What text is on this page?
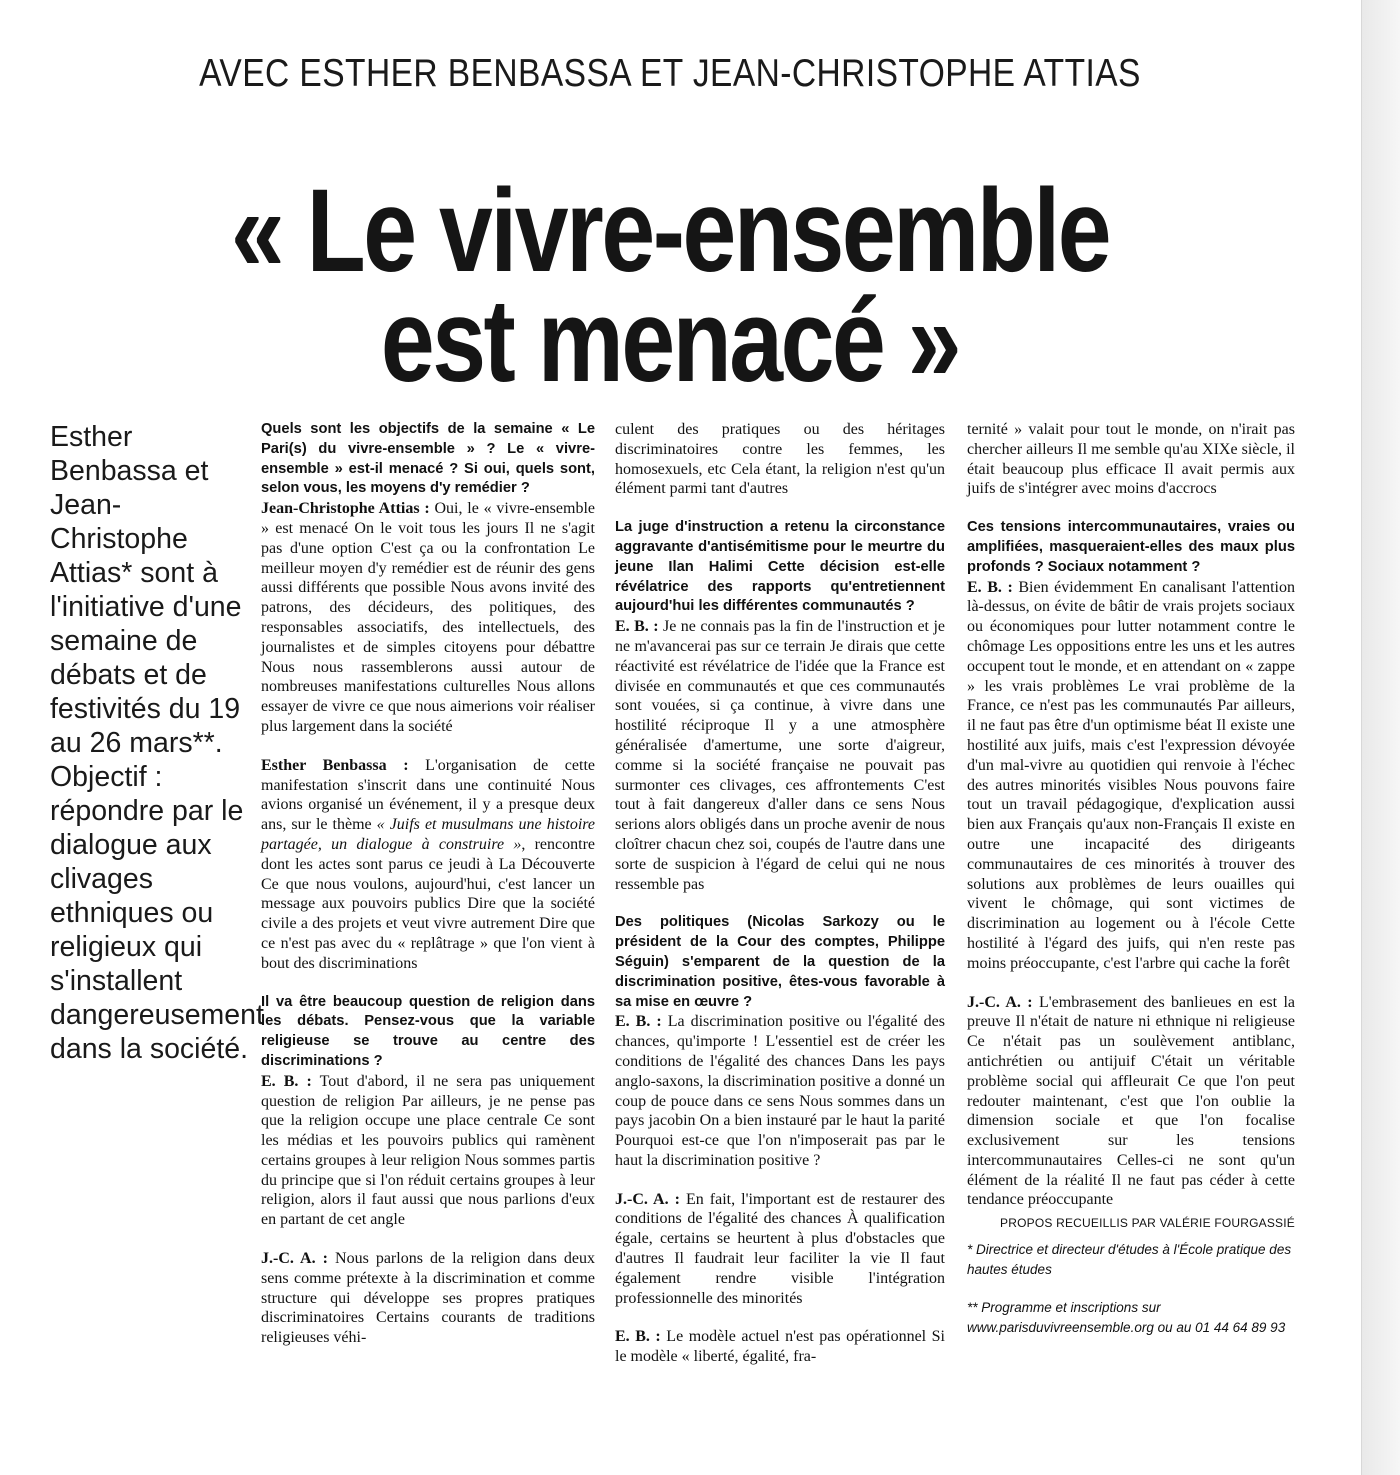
AVEC ESTHER BENBASSA ET JEAN-CHRISTOPHE ATTIAS
« Le vivre-ensemble
est menacé »
Esther Benbassa et Jean-Christophe Attias* sont à l'initiative d'une semaine de débats et de festivités du 19 au 26 mars**. Objectif : répondre par le dialogue aux clivages ethniques ou religieux qui s'installent dangereusement dans la société.

Quels sont les objectifs de la semaine « Le Pari(s) du vivre-ensemble » ? Le « vivre-ensemble » est-il menacé ? Si oui, quels sont, selon vous, les moyens d'y remédier ?
Jean-Christophe Attias : Oui, le « vivre-ensemble » est menacé On le voit tous les jours Il ne s'agit pas d'une option C'est ça ou la confrontation Le meilleur moyen d'y remédier est de réunir des gens aussi différents que possible Nous avons invité des patrons, des décideurs, des politiques, des responsables associatifs, des intellectuels, des journalistes et de simples citoyens pour débattre Nous nous rassemblerons aussi autour de nombreuses manifestations culturelles Nous allons essayer de vivre ce que nous aimerions voir réaliser plus largement dans la société

Esther Benbassa : L'organisation de cette manifestation s'inscrit dans une continuité Nous avions organisé un événement, il y a presque deux ans, sur le thème « Juifs et musulmans une histoire partagée, un dialogue à construire », rencontre dont les actes sont parus ce jeudi à La Découverte Ce que nous voulons, aujourd'hui, c'est lancer un message aux pouvoirs publics Dire que la société civile a des projets et veut vivre autrement Dire que ce n'est pas avec du « replâtrage » que l'on vient à bout des discriminations

Il va être beaucoup question de religion dans les débats. Pensez-vous que la variable religieuse se trouve au centre des discriminations ?
E. B. : Tout d'abord, il ne sera pas uniquement question de religion Par ailleurs, je ne pense pas que la religion occupe une place centrale Ce sont les médias et les pouvoirs publics qui ramènent certains groupes à leur religion Nous sommes partis du principe que si l'on réduit certains groupes à leur religion, alors il faut aussi que nous parlions d'eux en partant de cet angle

J.-C. A. : Nous parlons de la religion dans deux sens comme prétexte à la discrimination et comme structure qui développe ses propres pratiques discriminatoires Certains courants de traditions religieuses véhi-

culent des pratiques ou des héritages discriminatoires contre les femmes, les homosexuels, etc Cela étant, la religion n'est qu'un élément parmi tant d'autres

La juge d'instruction a retenu la circonstance aggravante d'antisémitisme pour le meurtre du jeune Ilan Halimi Cette décision est-elle révélatrice des rapports qu'entretiennent aujourd'hui les différentes communautés ?
E. B. : Je ne connais pas la fin de l'instruction et je ne m'avancerai pas sur ce terrain Je dirais que cette réactivité est révélatrice de l'idée que la France est divisée en communautés et que ces communautés sont vouées, si ça continue, à vivre dans une hostilité réciproque Il y a une atmosphère généralisée d'amertume, une sorte d'aigreur, comme si la société française ne pouvait pas surmonter ces clivages, ces affrontements C'est tout à fait dangereux d'aller dans ce sens Nous serions alors obligés dans un proche avenir de nous cloîtrer chacun chez soi, coupés de l'autre dans une sorte de suspicion à l'égard de celui qui ne nous ressemble pas

Des politiques (Nicolas Sarkozy ou le président de la Cour des comptes, Philippe Séguin) s'emparent de la question de la discrimination positive, êtes-vous favorable à sa mise en œuvre ?
E. B. : La discrimination positive ou l'égalité des chances, qu'importe ! L'essentiel est de créer les conditions de l'égalité des chances Dans les pays anglo-saxons, la discrimination positive a donné un coup de pouce dans ce sens Nous sommes dans un pays jacobin On a bien instauré par le haut la parité Pourquoi est-ce que l'on n'imposerait pas par le haut la discrimination positive ?

J.-C. A. : En fait, l'important est de restaurer des conditions de l'égalité des chances À qualification égale, certains se heurtent à plus d'obstacles que d'autres Il faudrait leur faciliter la vie Il faut également rendre visible l'intégration professionnelle des minorités

E. B. : Le modèle actuel n'est pas opérationnel Si le modèle « liberté, égalité, fra-

ternité » valait pour tout le monde, on n'irait pas chercher ailleurs Il me semble qu'au XIXe siècle, il était beaucoup plus efficace Il avait permis aux juifs de s'intégrer avec moins d'accrocs

Ces tensions intercommunautaires, vraies ou amplifiées, masqueraient-elles des maux plus profonds ? Sociaux notamment ?
E. B. : Bien évidemment En canalisant l'attention là-dessus, on évite de bâtir de vrais projets sociaux ou économiques pour lutter notamment contre le chômage Les oppositions entre les uns et les autres occupent tout le monde, et en attendant on « zappe » les vrais problèmes Le vrai problème de la France, ce n'est pas les communautés Par ailleurs, il ne faut pas être d'un optimisme béat Il existe une hostilité aux juifs, mais c'est l'expression dévoyée d'un mal-vivre au quotidien qui renvoie à l'échec des autres minorités visibles Nous pouvons faire tout un travail pédagogique, d'explication aussi bien aux Français qu'aux non-Français Il existe en outre une incapacité des dirigeants communautaires de ces minorités à trouver des solutions aux problèmes de leurs ouailles qui vivent le chômage, qui sont victimes de discrimination au logement ou à l'école Cette hostilité à l'égard des juifs, qui n'en reste pas moins préoccupante, c'est l'arbre qui cache la forêt

J.-C. A. : L'embrasement des banlieues en est la preuve Il n'était de nature ni ethnique ni religieuse Ce n'était pas un soulèvement antiblanc, antichrétien ou antijuif C'était un véritable problème social qui affleurait Ce que l'on peut redouter maintenant, c'est que l'on oublie la dimension sociale et que l'on focalise exclusivement sur les tensions intercommunautaires Celles-ci ne sont qu'un élément de la réalité Il ne faut pas céder à cette tendance préoccupante

PROPOS RECUEILLIS PAR VALÉRIE FOURGASSIÉ

* Directrice et directeur d'études à l'École pratique des hautes études

** Programme et inscriptions sur www.parisduvivreensemble.org ou au 01 44 64 89 93
